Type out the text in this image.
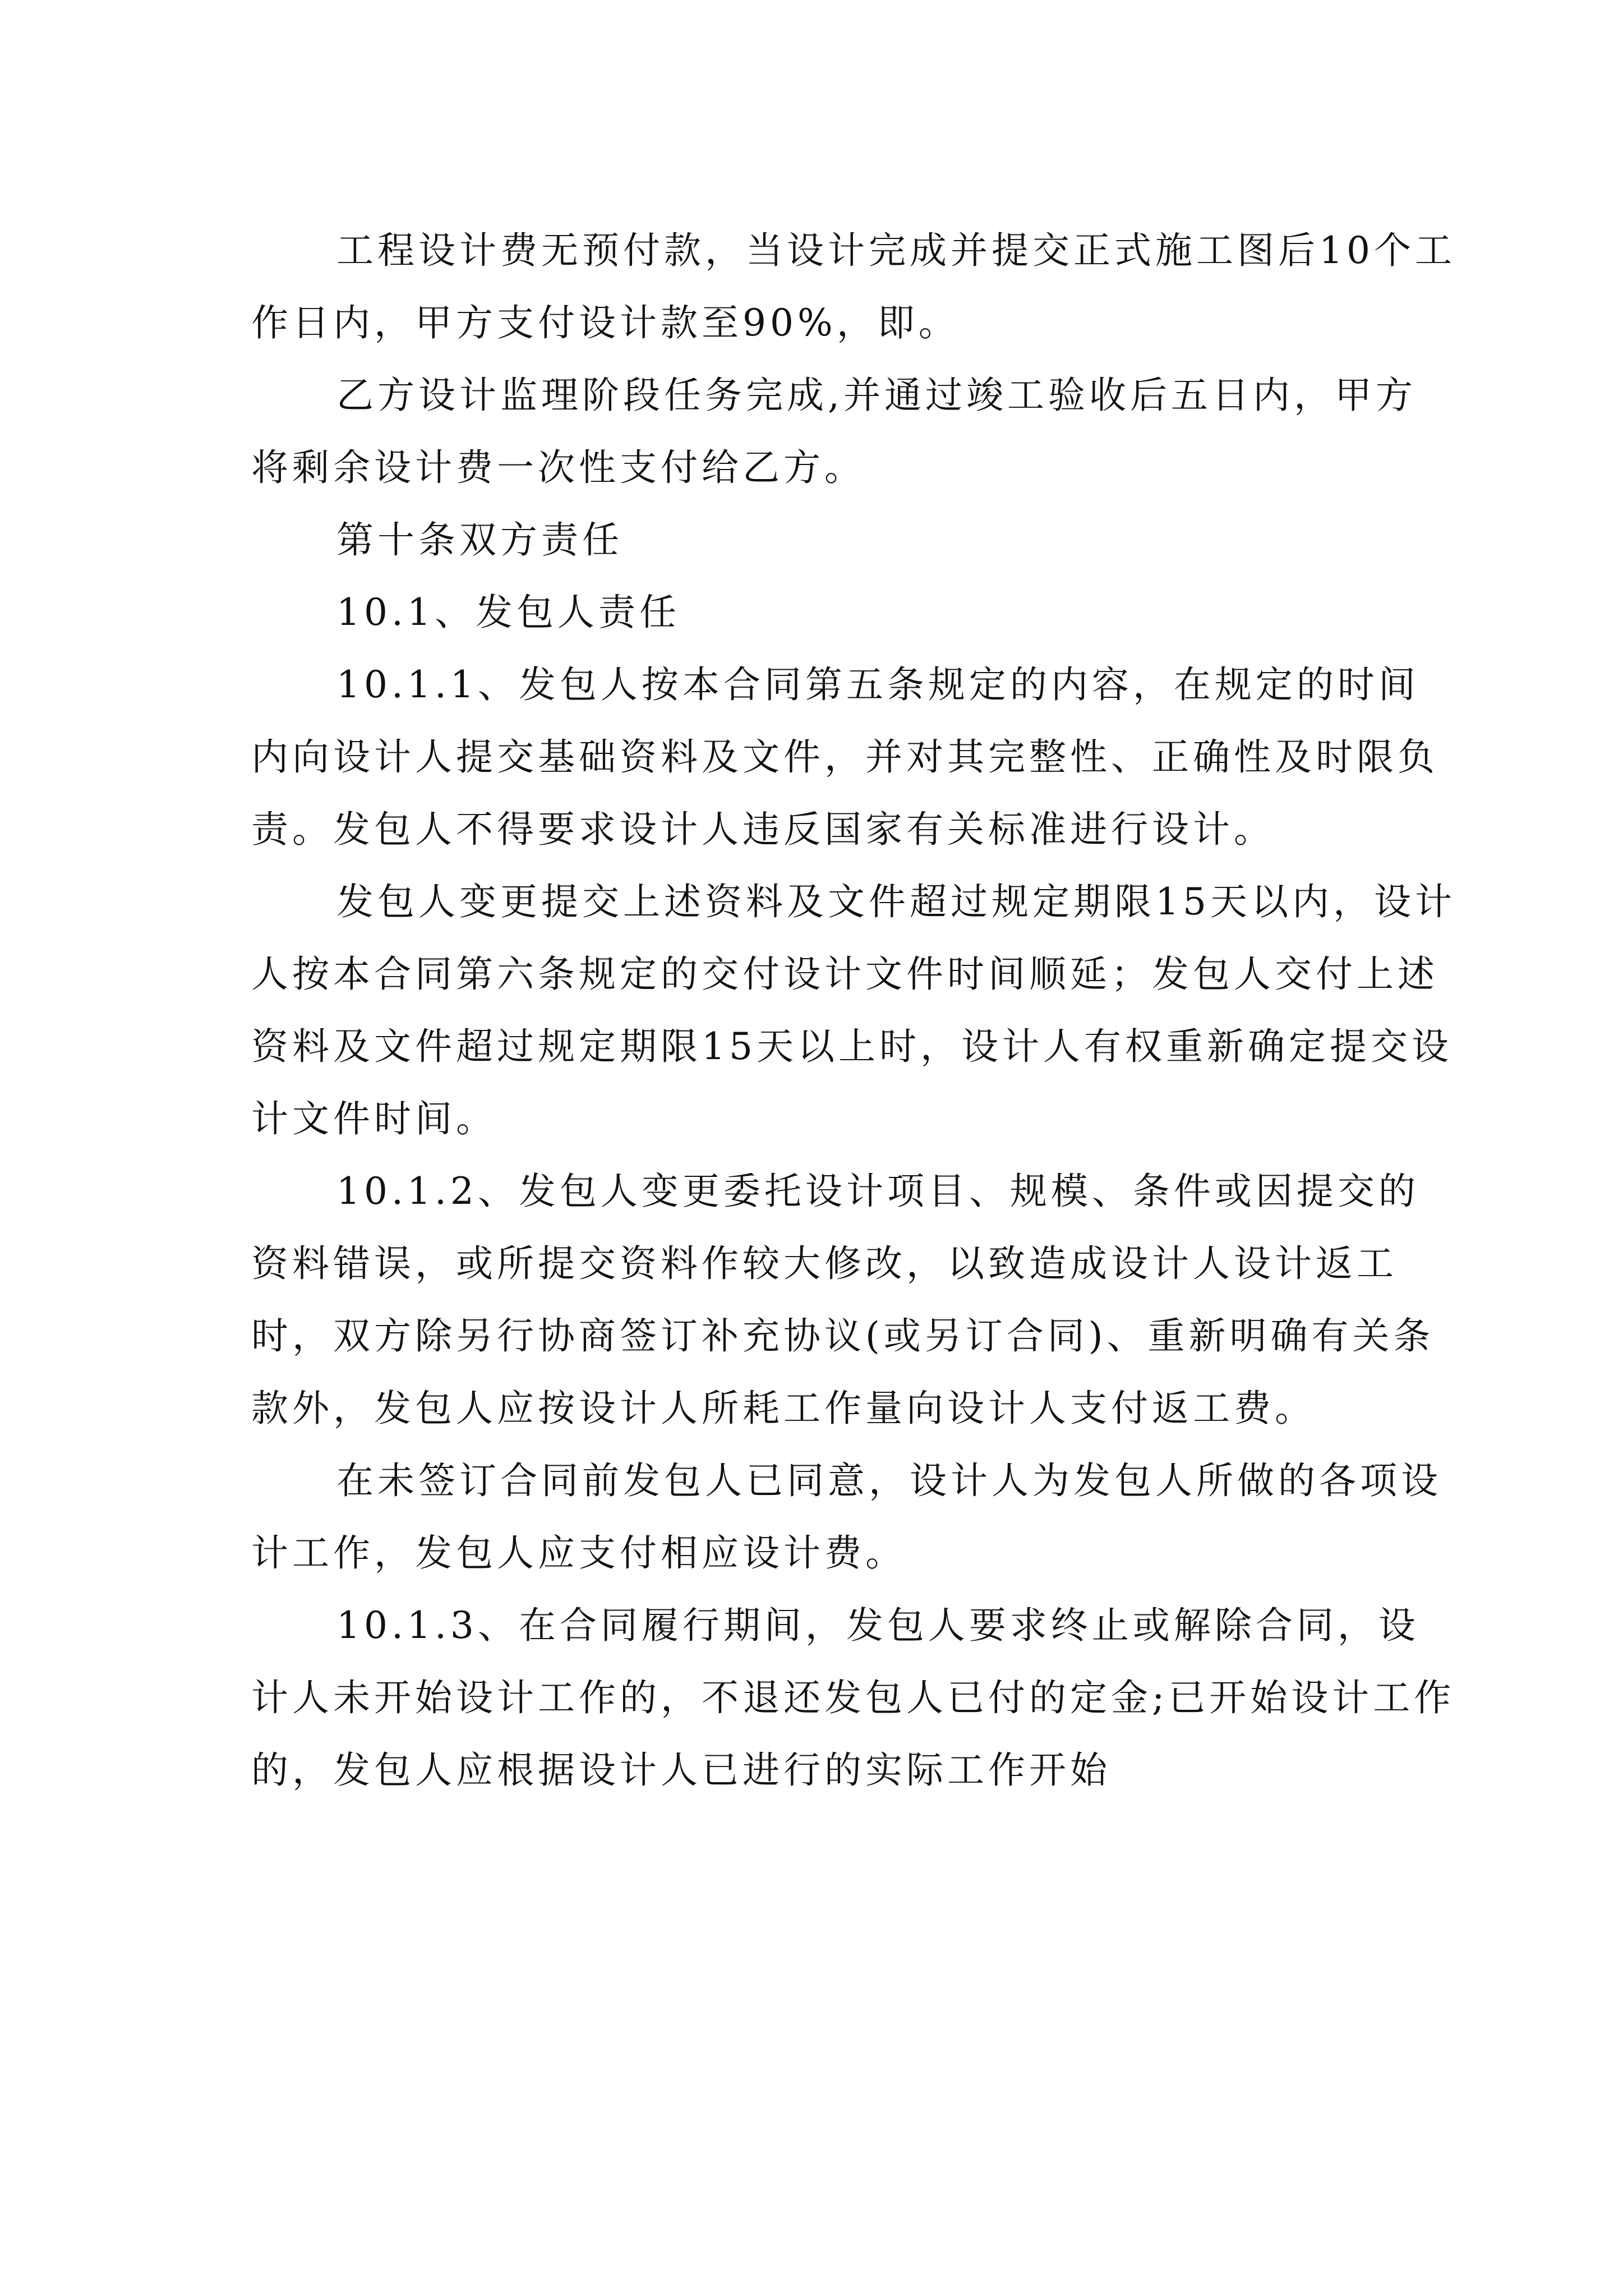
工程设计费无预付款，当设计完成并提交正式施工图后10个工作日内，甲方支付设计款至90%，即。

乙方设计监理阶段任务完成,并通过竣工验收后五日内，甲方将剩余设计费一次性支付给乙方。

第十条双方责任

10.1、发包人责任

10.1.1、发包人按本合同第五条规定的内容，在规定的时间内向设计人提交基础资料及文件，并对其完整性、正确性及时限负责。发包人不得要求设计人违反国家有关标准进行设计。

发包人变更提交上述资料及文件超过规定期限15天以内，设计人按本合同第六条规定的交付设计文件时间顺延；发包人交付上述资料及文件超过规定期限15天以上时，设计人有权重新确定提交设计文件时间。

10.1.2、发包人变更委托设计项目、规模、条件或因提交的资料错误，或所提交资料作较大修改，以致造成设计人设计返工时，双方除另行协商签订补充协议(或另订合同)、重新明确有关条款外，发包人应按设计人所耗工作量向设计人支付返工费。

在未签订合同前发包人已同意，设计人为发包人所做的各项设计工作，发包人应支付相应设计费。

10.1.3、在合同履行期间，发包人要求终止或解除合同，设计人未开始设计工作的，不退还发包人已付的定金;已开始设计工作的，发包人应根据设计人已进行的实际工作开始
